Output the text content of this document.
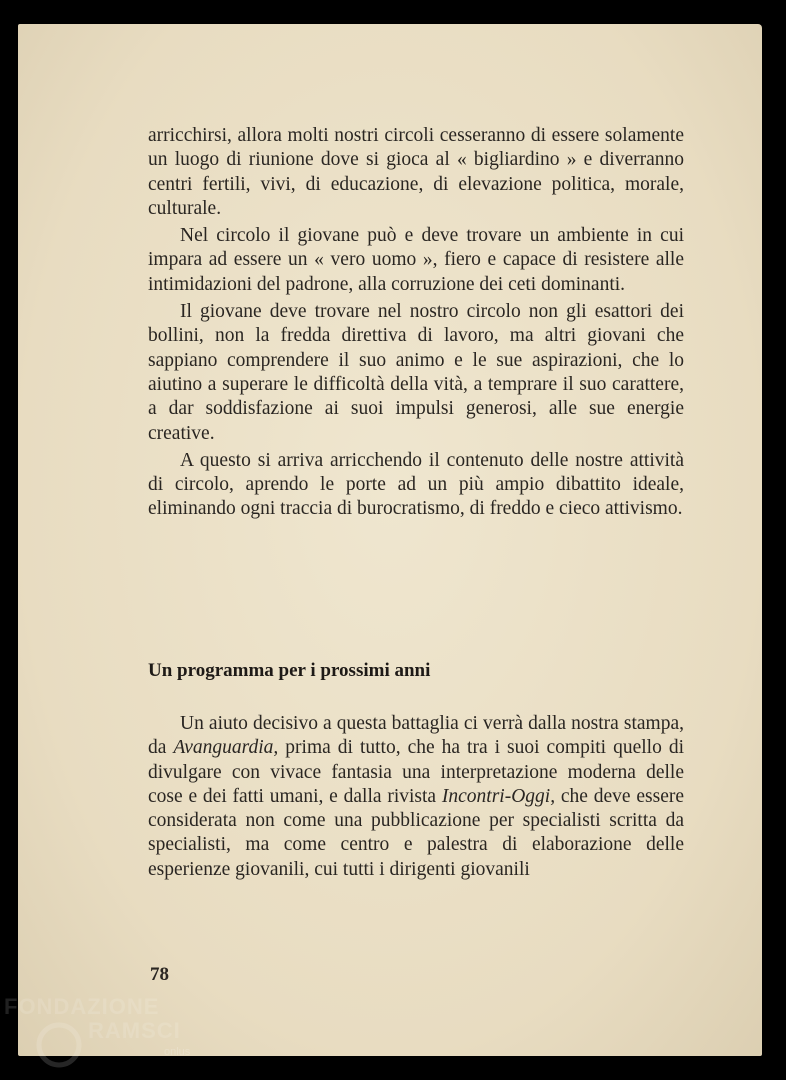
arricchirsi, allora molti nostri circoli cesseranno di essere solamente un luogo di riunione dove si gioca al « bigliardino » e diverranno centri fertili, vivi, di educazione, di elevazione politica, morale, culturale.

Nel circolo il giovane può e deve trovare un ambiente in cui impara ad essere un « vero uomo », fiero e capace di resistere alle intimidazioni del padrone, alla corruzione dei ceti dominanti.

Il giovane deve trovare nel nostro circolo non gli esattori dei bollini, non la fredda direttiva di lavoro, ma altri giovani che sappiano comprendere il suo animo e le sue aspirazioni, che lo aiutino a superare le difficoltà della vità, a temprare il suo carattere, a dar soddisfazione ai suoi impulsi generosi, alle sue energie creative.

A questo si arriva arricchendo il contenuto delle nostre attività di circolo, aprendo le porte ad un più ampio dibattito ideale, eliminando ogni traccia di burocratismo, di freddo e cieco attivismo.

Un programma per i prossimi anni

Un aiuto decisivo a questa battaglia ci verrà dalla nostra stampa, da Avanguardia, prima di tutto, che ha tra i suoi compiti quello di divulgare con vivace fantasia una interpretazione moderna delle cose e dei fatti umani, e dalla rivista Incontri-Oggi, che deve essere considerata non come una pubblicazione per specialisti scritta da specialisti, ma come centro e palestra di elaborazione delle esperienze giovanili, cui tutti i dirigenti giovanili

78
onlus
